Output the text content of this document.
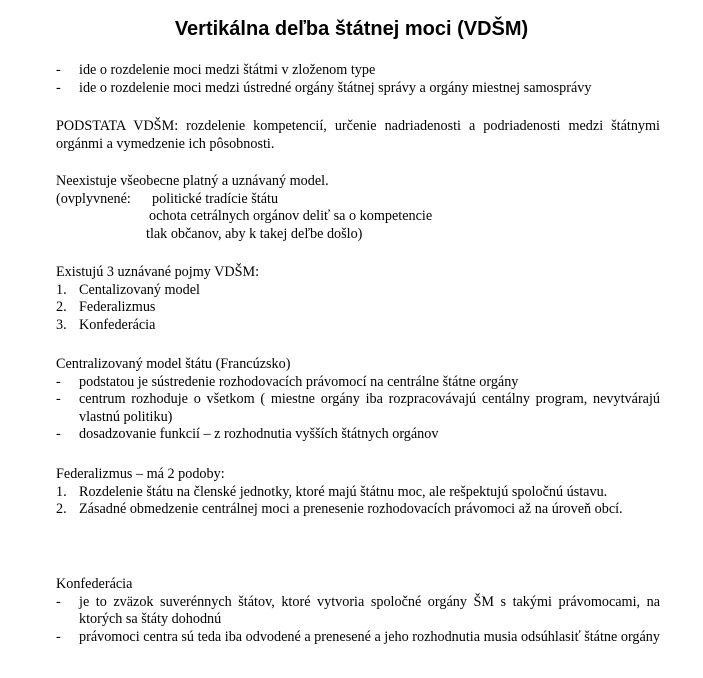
Vertikálna deľba štátnej moci (VDŠM)
- ide o rozdelenie moci medzi štátmi v zloženom type
- ide o rozdelenie moci medzi ústredné orgány štátnej správy a orgány miestnej samosprávy

PODSTATA VDŠM: rozdelenie kompetencií, určenie nadriadenosti a podriadenosti medzi štátnymi orgánmi a vymedzenie ich pôsobnosti.

Neexistuje všeobecne platný a uznávaný model.
(ovplyvnené:	politické tradície štátu
ochota cetrálnych orgánov deliť sa o kompetencie
tlak občanov, aby k takej deľbe došlo)
Existujú 3 uznávané pojmy VDŠM:
1. Centalizovaný model
2. Federalizmus
3. Konfederácia
Centralizovaný model štátu (Francúzsko)
- podstatou je sústredenie rozhodovacích právomocí na centrálne štátne orgány
- centrum rozhoduje o všetkom ( miestne orgány iba rozpracovávajú centálny program, nevytvárajú vlastnú politiku)
- dosadzovanie funkcií – z rozhodnutia vyšších štátnych orgánov
Federalizmus – má 2 podoby:
1. Rozdelenie štátu na členské jednotky, ktoré majú štátnu moc, ale rešpektujú spoločnú ústavu.
2. Zásadné obmedzenie centrálnej moci a prenesenie rozhodovacích právomoci až na úroveň obcí.
Konfederácia
- je to zväzok suverénnych štátov, ktoré vytvoria spoločné orgány ŠM s takými právomocami, na ktorých sa štáty dohodnú
- právomoci centra sú teda iba odvodené a prenesené a jeho rozhodnutia musia odsúhlasiť štátne orgány
